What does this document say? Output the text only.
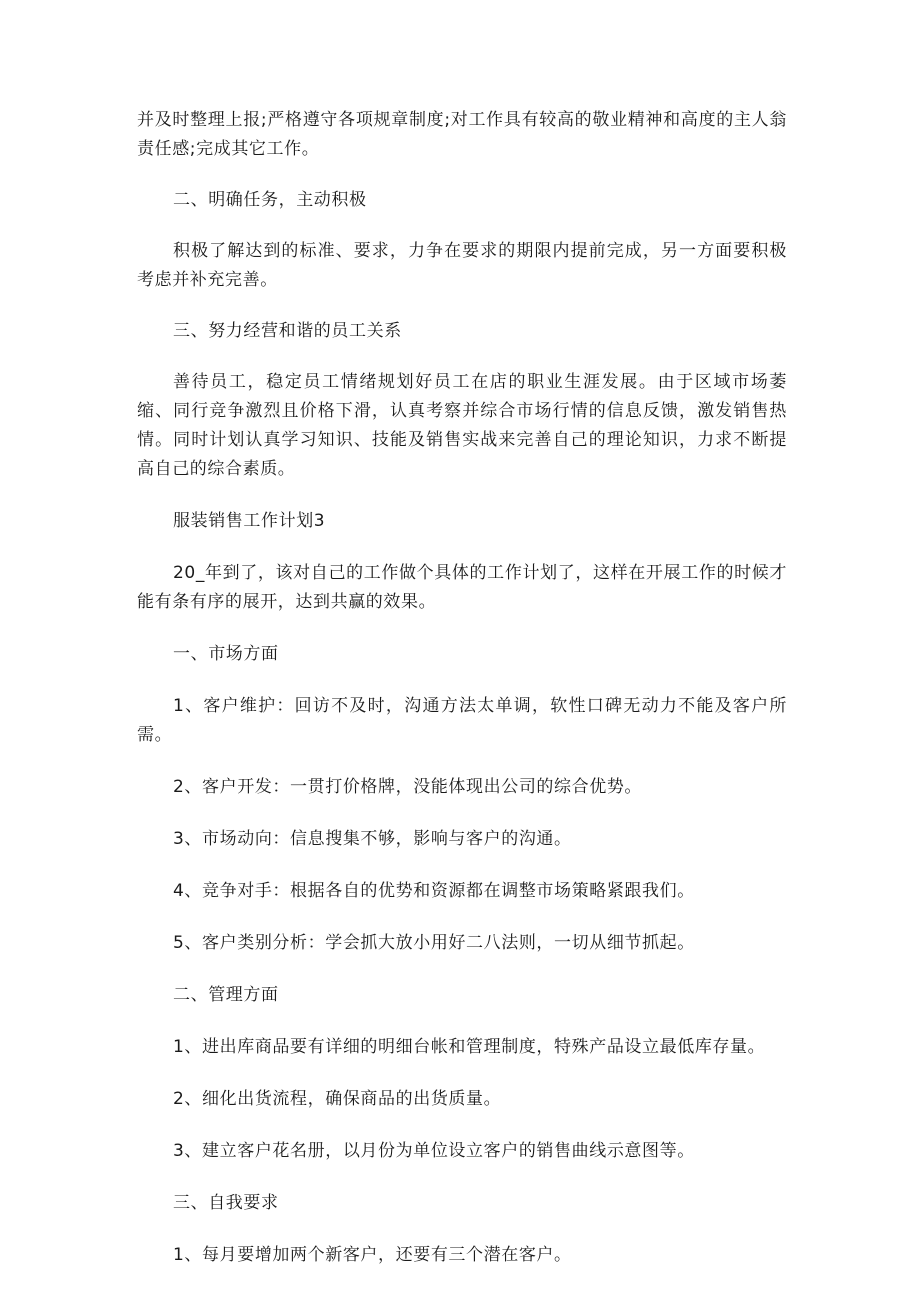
并及时整理上报;严格遵守各项规章制度;对工作具有较高的敬业精神和高度的主人翁责任感;完成其它工作。

二、明确任务，主动积极

积极了解达到的标准、要求，力争在要求的期限内提前完成，另一方面要积极考虑并补充完善。

三、努力经营和谐的员工关系

善待员工，稳定员工情绪规划好员工在店的职业生涯发展。由于区域市场萎缩、同行竞争激烈且价格下滑，认真考察并综合市场行情的信息反馈，激发销售热情。同时计划认真学习知识、技能及销售实战来完善自己的理论知识，力求不断提高自己的综合素质。

服装销售工作计划3

20_年到了，该对自己的工作做个具体的工作计划了，这样在开展工作的时候才能有条有序的展开，达到共赢的效果。

一、市场方面

1、客户维护：回访不及时，沟通方法太单调，软性口碑无动力不能及客户所需。

2、客户开发：一贯打价格牌，没能体现出公司的综合优势。

3、市场动向：信息搜集不够，影响与客户的沟通。

4、竞争对手：根据各自的优势和资源都在调整市场策略紧跟我们。

5、客户类别分析：学会抓大放小用好二八法则，一切从细节抓起。

二、管理方面

1、进出库商品要有详细的明细台帐和管理制度，特殊产品设立最低库存量。

2、细化出货流程，确保商品的出货质量。

3、建立客户花名册，以月份为单位设立客户的销售曲线示意图等。

三、自我要求

1、每月要增加两个新客户，还要有三个潜在客户。
